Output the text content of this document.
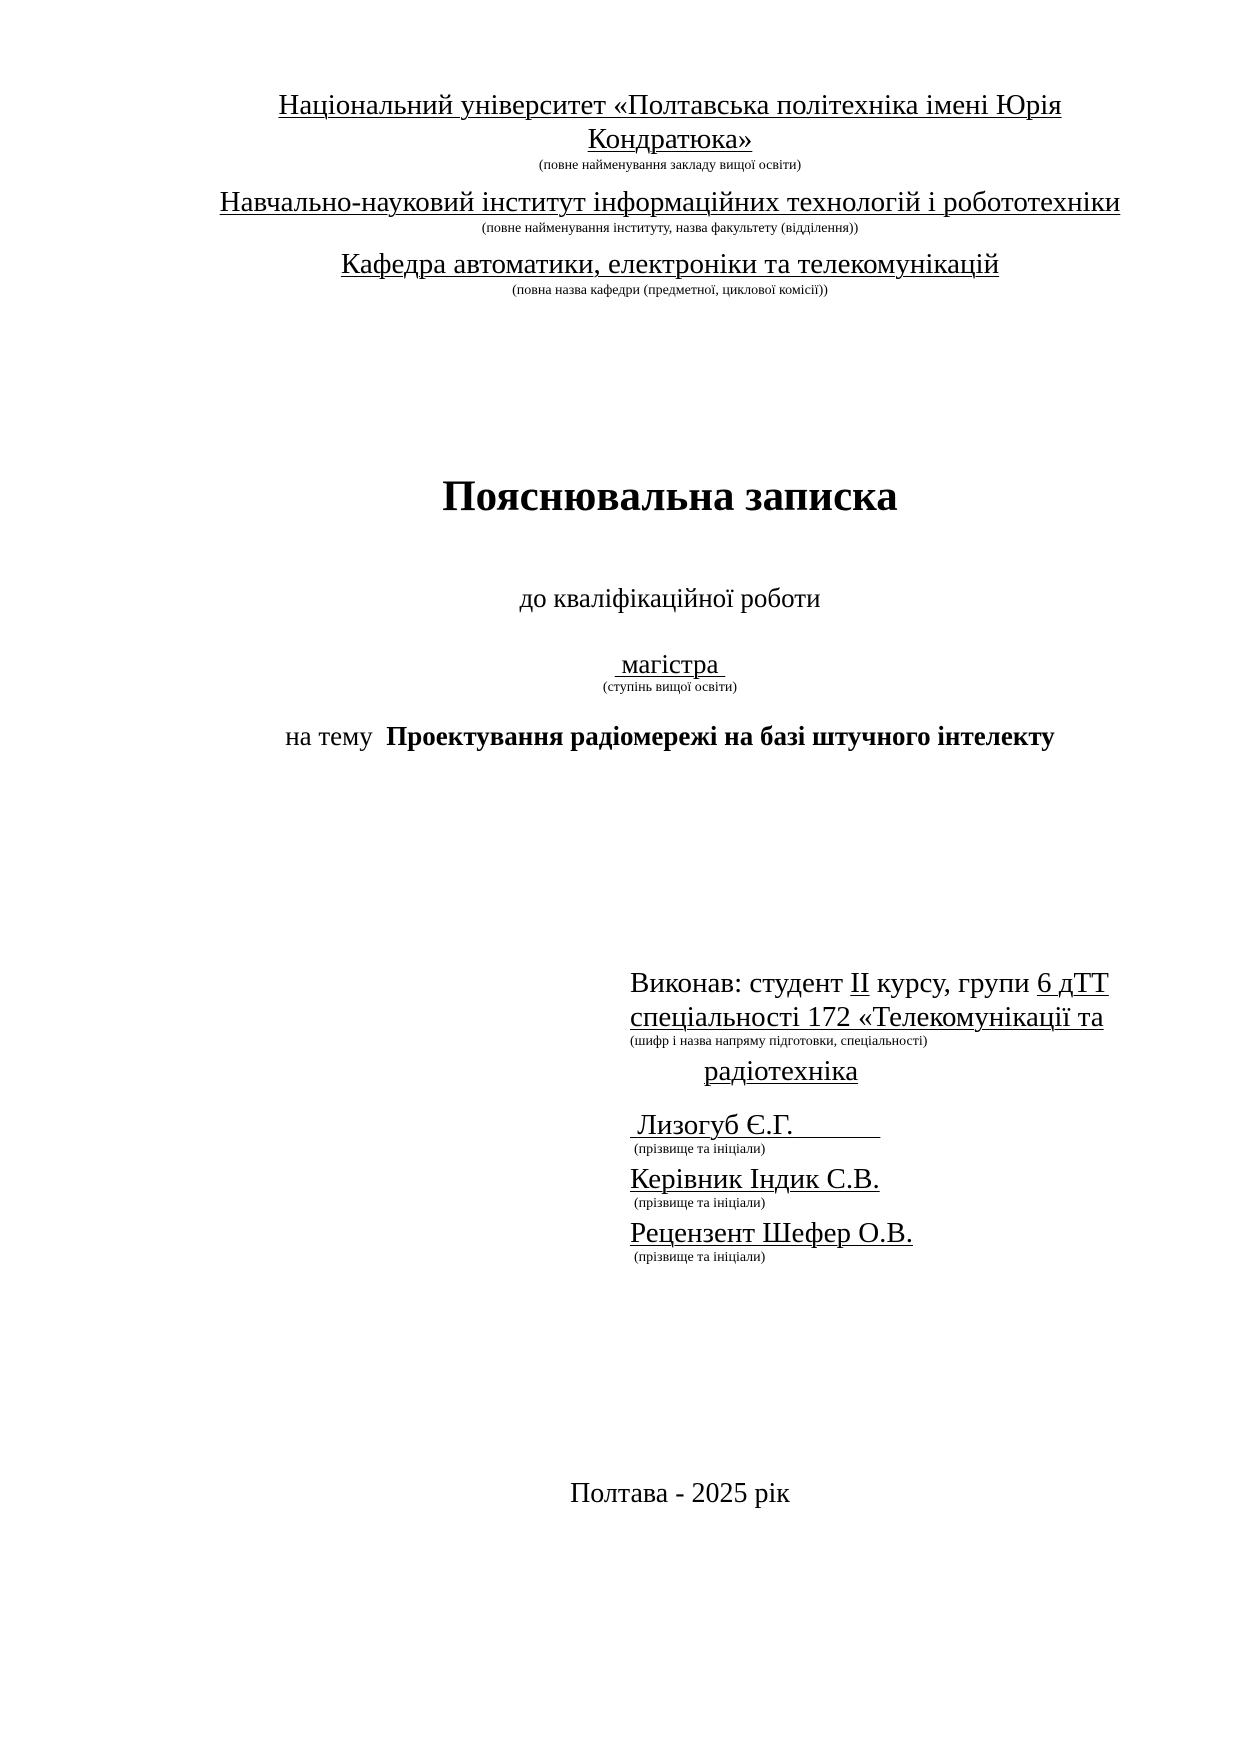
Національний університет «Полтавська політехніка імені Юрія
Кондратюка»
(повне найменування закладу вищої освіти)
Навчально-науковий інститут інформаційних технологій і робототехніки
(повне найменування інституту, назва факультету (відділення))
Кафедра автоматики, електроніки та телекомунікацій
(повна назва кафедри (предметної, циклової комісії))
Пояснювальна записка
до кваліфікаційної роботи
магістра
(ступінь вищої освіти)
на тему Проектування радіомережі на базі штучного інтелекту
Виконав: студент II курсу, групи 6 дТТ
спеціальності 172 «Телекомунікації та
(шифр і назва напряму підготовки, спеціальності)
радіотехніка
Лизогуб Є.Г.
(прізвище та ініціали)
Керівник Індик С.В.
(прізвище та ініціали)
Рецензент Шефер О.В.
(прізвище та ініціали)
Полтава - 2025 рік
